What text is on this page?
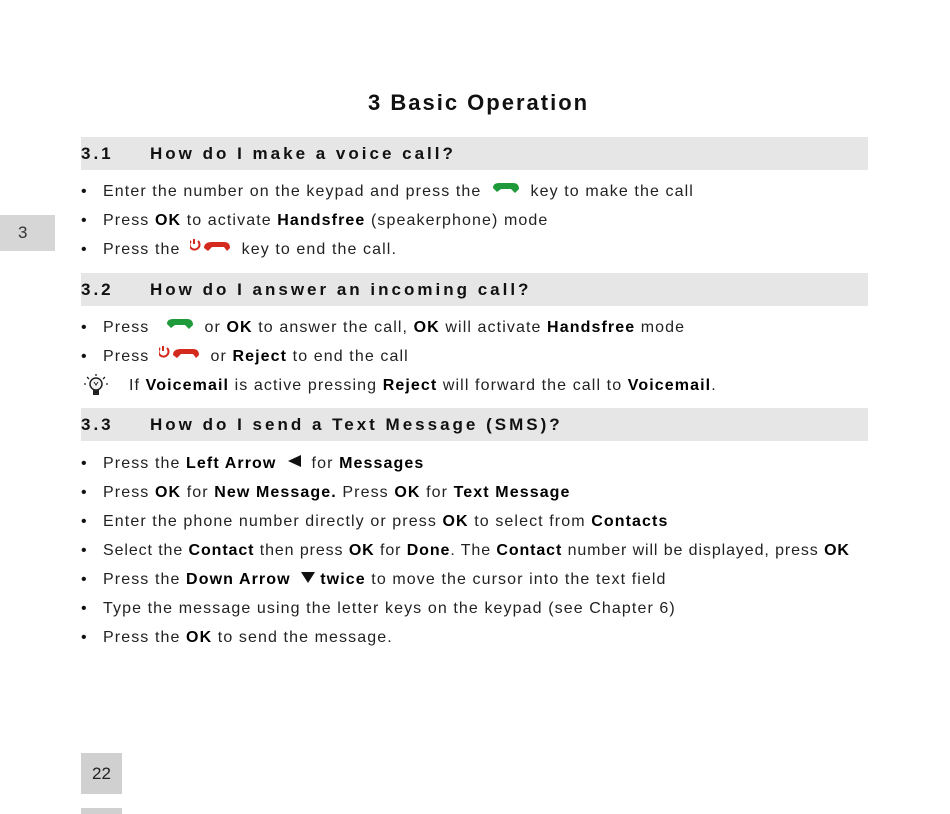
3
3 Basic Operation
3.1	How do I make a voice call?
• Enter the number on the keypad and press the	key to make the call
• Press OK to activate Handsfree (speakerphone) mode
• Press the	key to end the call.
3.2	How do I answer an incoming call?
• Press	or OK to answer the call, OK will activate Handsfree mode
• Press	or Reject to end the call
If Voicemail is active pressing Reject will forward the call to Voicemail.
3.3	How do I send a Text Message (SMS)?
• Press the Left Arrow for Messages
• Press OK for New Message. Press OK for Text Message
• Enter the phone number directly or press OK to select from Contacts
• Select the Contact then press OK for Done. The Contact number will be displayed, press OK
• Press the Down Arrow twice to move the cursor into the text field
• Type the message using the letter keys on the keypad (see Chapter 6)
• Press the OK to send the message.
22
